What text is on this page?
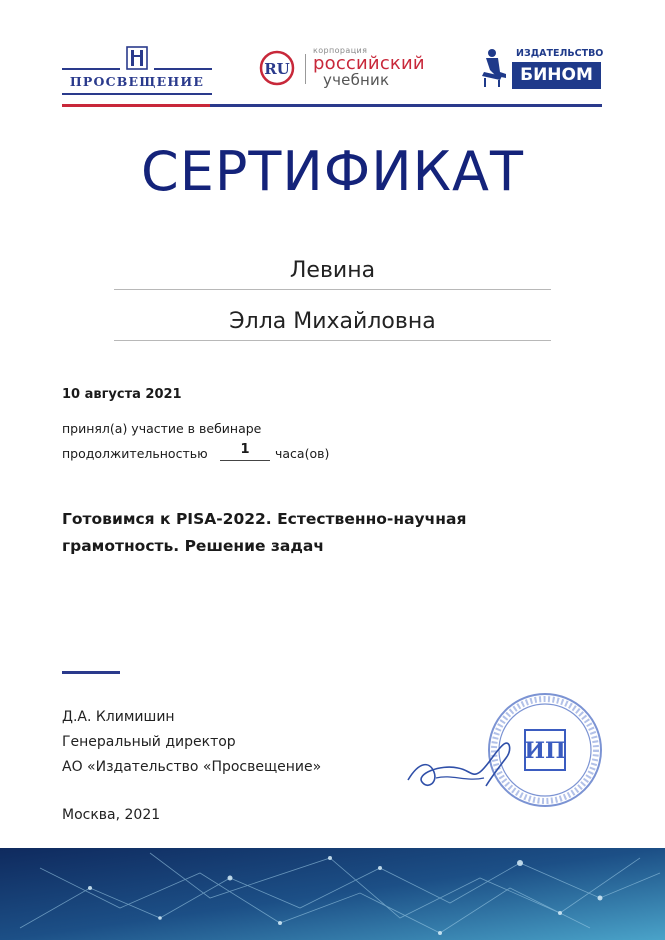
ПРОСВЕЩЕНИЕ
RU
корпорация
российский
учебник
ИЗДАТЕЛЬСТВО
БИНОМ
СЕРТИФИКАТ
Левина
Элла Михайловна
10 августа 2021
принял(а) участие в вебинаре
продолжительностью	1	часа(ов)
Готовимся к PISA-2022. Естественно-научная грамотность. Решение задач
Д.А. Климишин
Генеральный директор
АО «Издательство «Просвещение»
Москва, 2021
ИП
